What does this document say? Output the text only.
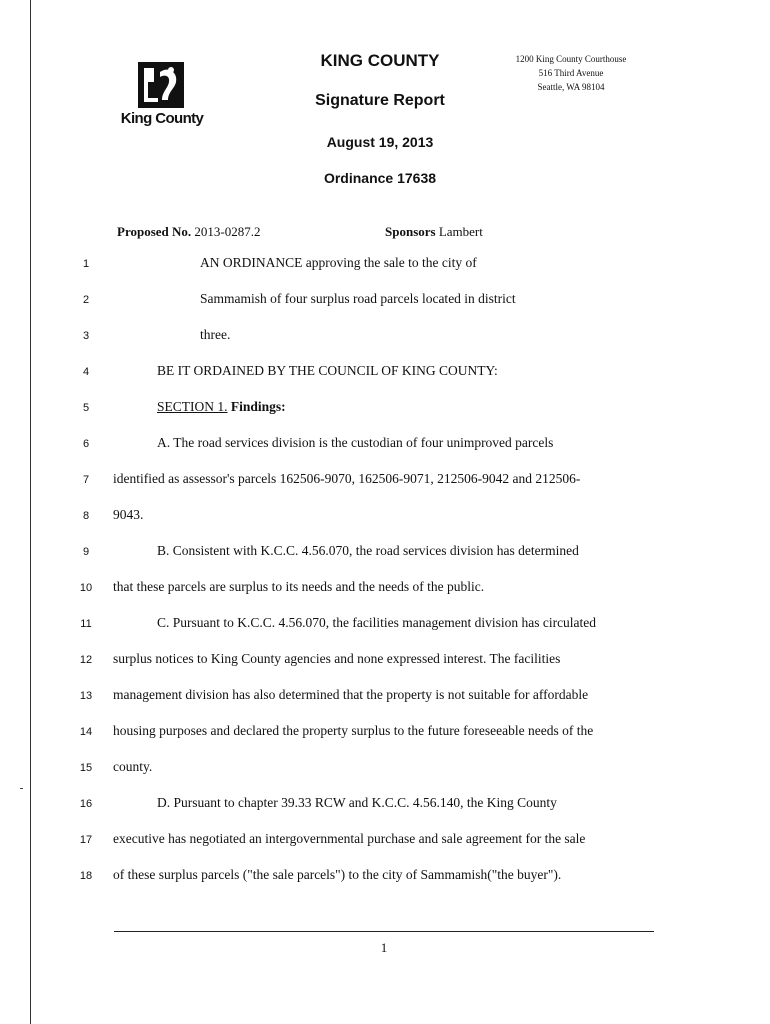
King County
KING COUNTY
Signature Report
August 19, 2013
Ordinance 17638
1200 King County Courthouse
516 Third Avenue
Seattle, WA 98104
Proposed No. 2013-0287.2	Sponsors Lambert
1	AN ORDINANCE approving the sale to the city of
2	Sammamish of four surplus road parcels located in district
3	three.
4	BE IT ORDAINED BY THE COUNCIL OF KING COUNTY:
5	SECTION 1. Findings:
6	A. The road services division is the custodian of four unimproved parcels
7	identified as assessor's parcels 162506-9070, 162506-9071, 212506-9042 and 212506-
8	9043.
9	B. Consistent with K.C.C. 4.56.070, the road services division has determined
10 that these parcels are surplus to its needs and the needs of the public.
11	C. Pursuant to K.C.C. 4.56.070, the facilities management division has circulated
12 surplus notices to King County agencies and none expressed interest. The facilities
13 management division has also determined that the property is not suitable for affordable
14 housing purposes and declared the property surplus to the future foreseeable needs of the
15 county.
16	D. Pursuant to chapter 39.33 RCW and K.C.C. 4.56.140, the King County
17 executive has negotiated an intergovernmental purchase and sale agreement for the sale
18 of these surplus parcels ("the sale parcels") to the city of Sammamish("the buyer").
1
